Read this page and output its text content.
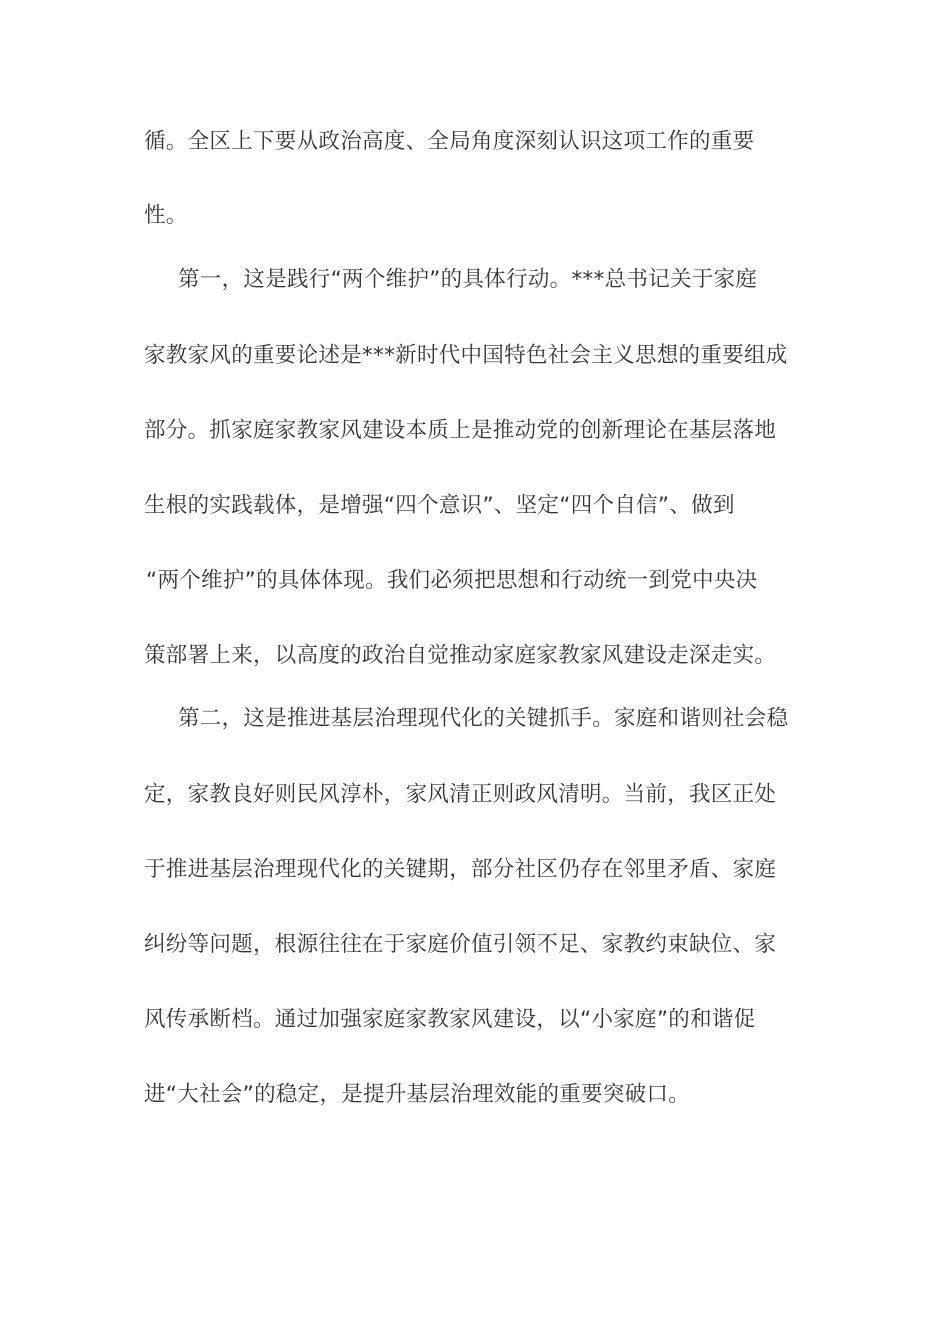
循。全区上下要从政治高度、全局角度深刻认识这项工作的重要
性。
第一，这是践行“两个维护”的具体行动。***总书记关于家庭
家教家风的重要论述是***新时代中国特色社会主义思想的重要组成
部分。抓家庭家教家风建设本质上是推动党的创新理论在基层落地
生根的实践载体，是增强“四个意识”、坚定“四个自信”、做到
“两个维护”的具体体现。我们必须把思想和行动统一到党中央决
策部署上来，以高度的政治自觉推动家庭家教家风建设走深走实。
第二，这是推进基层治理现代化的关键抓手。家庭和谐则社会稳
定，家教良好则民风淳朴，家风清正则政风清明。当前，我区正处
于推进基层治理现代化的关键期，部分社区仍存在邻里矛盾、家庭
纠纷等问题，根源往往在于家庭价值引领不足、家教约束缺位、家
风传承断档。通过加强家庭家教家风建设，以“小家庭”的和谐促
进“大社会”的稳定，是提升基层治理效能的重要突破口。
